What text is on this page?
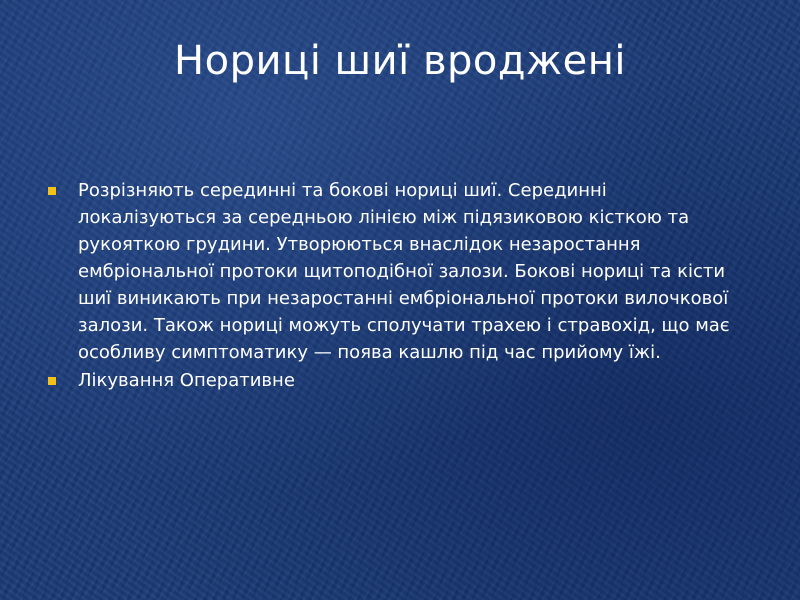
Нориці шиї вроджені
Розрізняють серединні та бокові нориці шиї. Серединні локалізуються за середньою лінією між підязиковою кісткою та рукояткою грудини. Утворюються внаслідок незаростання ембріональної протоки щитоподібної залози. Бокові нориці та кісти шиї виникають при незаростанні ембріональної протоки вилочкової залози. Також нориці можуть сполучати трахею і стравохід, що має особливу симптоматику — поява кашлю під час прийому їжі.
Лікування Оперативне
